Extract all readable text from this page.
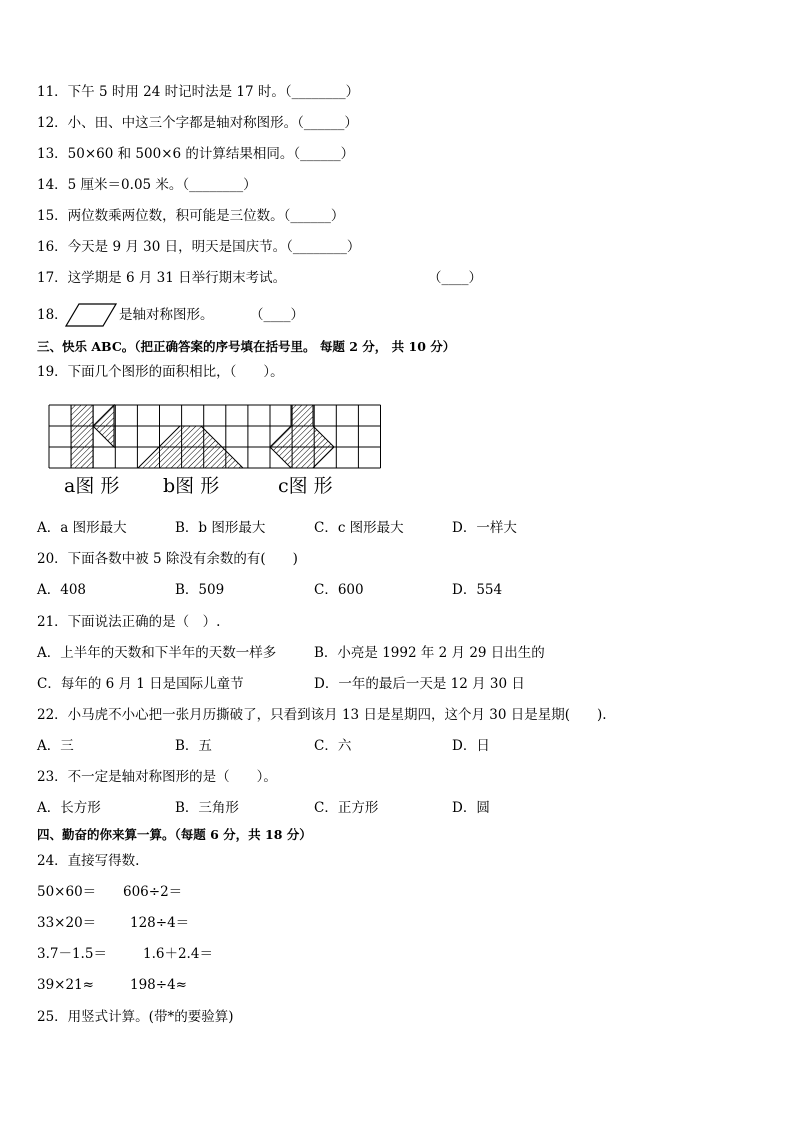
11．下午 5 时用 24 时记时法是 17 时。（________）
12．小、田、中这三个字都是轴对称图形。（______）
13．50×60 和 500×6 的计算结果相同。（______）
14．5 厘米＝0.05 米。（________）
15．两位数乘两位数，积可能是三位数。（______）
16．今天是 9 月 30 日，明天是国庆节。（________）
17．这学期是 6 月 31 日举行期末考试。	（____）
18．	是轴对称图形。	（____）
三、快乐 ABC。（把正确答案的序号填在括号里。 每题 2 分， 共 10 分）
19．下面几个图形的面积相比，（　　）。
a图 形 b图 形	c图 形
A．a 图形最大	B．b 图形最大	C．c 图形最大	D．一样大
20．下面各数中被 5 除没有余数的有(　　)
A．408	B．509	C．600	D．554
21．下面说法正确的是（　）.
A．上半年的天数和下半年的天数一样多	B．小亮是 1992 年 2 月 29 日出生的
C．每年的 6 月 1 日是国际儿童节	D．一年的最后一天是 12 月 30 日
22．小马虎不小心把一张月历撕破了，只看到该月 13 日是星期四，这个月 30 日是星期(　　).
A．三	B．五	C．六	D．日
23．不一定是轴对称图形的是（　　）。
A．长方形	B．三角形	C．正方形	D．圆
四、勤奋的你来算一算。（每题 6 分，共 18 分）
24．直接写得数.
50×60＝ 606÷2＝
33×20＝	128÷4＝
3.7－1.5＝	1.6＋2.4＝
39×21≈	198÷4≈
25．用竖式计算。(带*的要验算)
